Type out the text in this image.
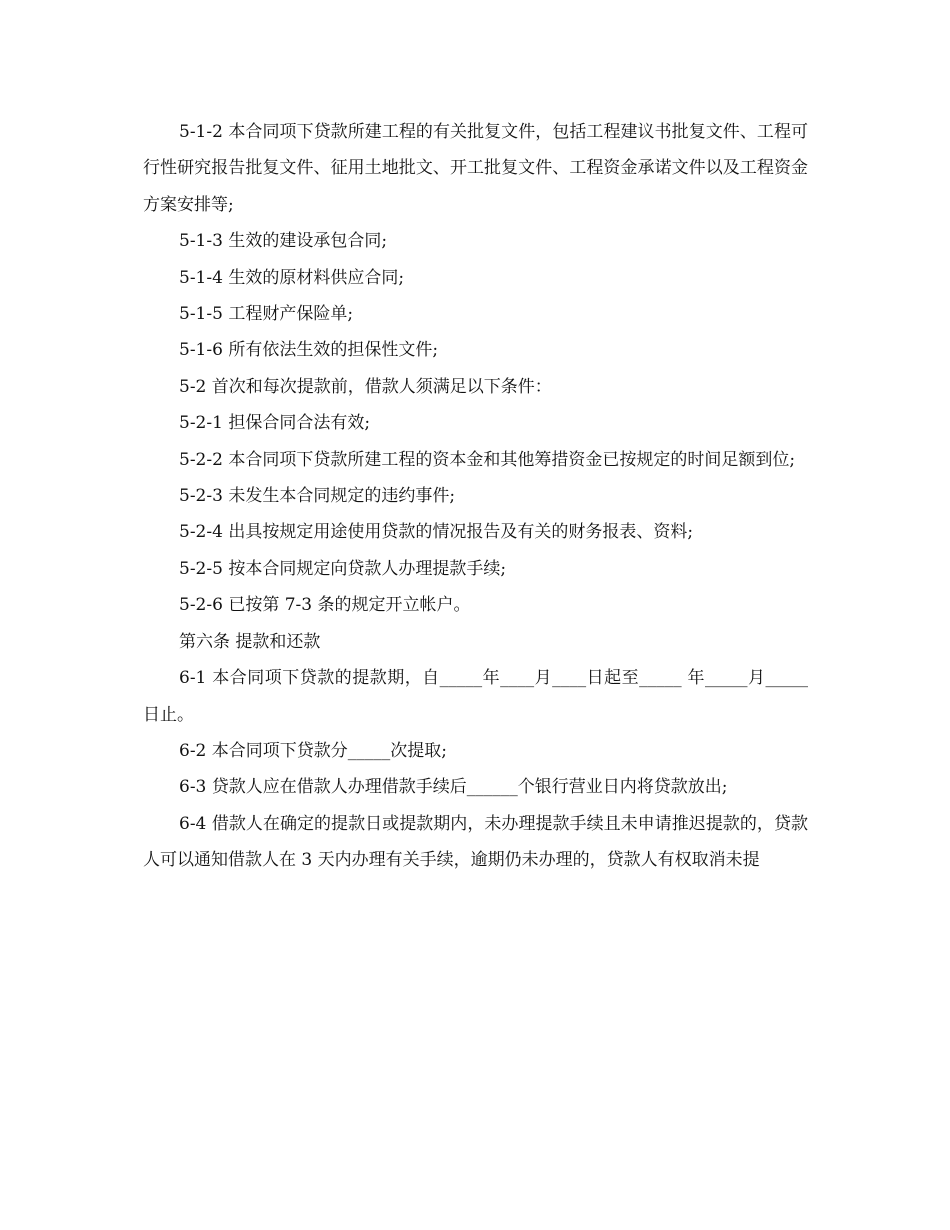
5-1-2 本合同项下贷款所建工程的有关批复文件，包括工程建议书批复文件、工程可行性研究报告批复文件、征用土地批文、开工批复文件、工程资金承诺文件以及工程资金方案安排等;

5-1-3 生效的建设承包合同;

5-1-4 生效的原材料供应合同;

5-1-5 工程财产保险单;

5-1-6 所有依法生效的担保性文件;

5-2 首次和每次提款前，借款人须满足以下条件：

5-2-1 担保合同合法有效;

5-2-2 本合同项下贷款所建工程的资本金和其他筹措资金已按规定的时间足额到位;

5-2-3 未发生本合同规定的违约事件;

5-2-4 出具按规定用途使用贷款的情况报告及有关的财务报表、资料;

5-2-5 按本合同规定向贷款人办理提款手续;

5-2-6 已按第 7-3 条的规定开立帐户。

第六条 提款和还款

6-1 本合同项下贷款的提款期，自_____年____月____日起至_____ 年_____月_____日止。

6-2 本合同项下贷款分_____次提取;

6-3 贷款人应在借款人办理借款手续后______个银行营业日内将贷款放出;

6-4 借款人在确定的提款日或提款期内，未办理提款手续且未申请推迟提款的，贷款人可以通知借款人在 3 天内办理有关手续，逾期仍未办理的，贷款人有权取消未提
